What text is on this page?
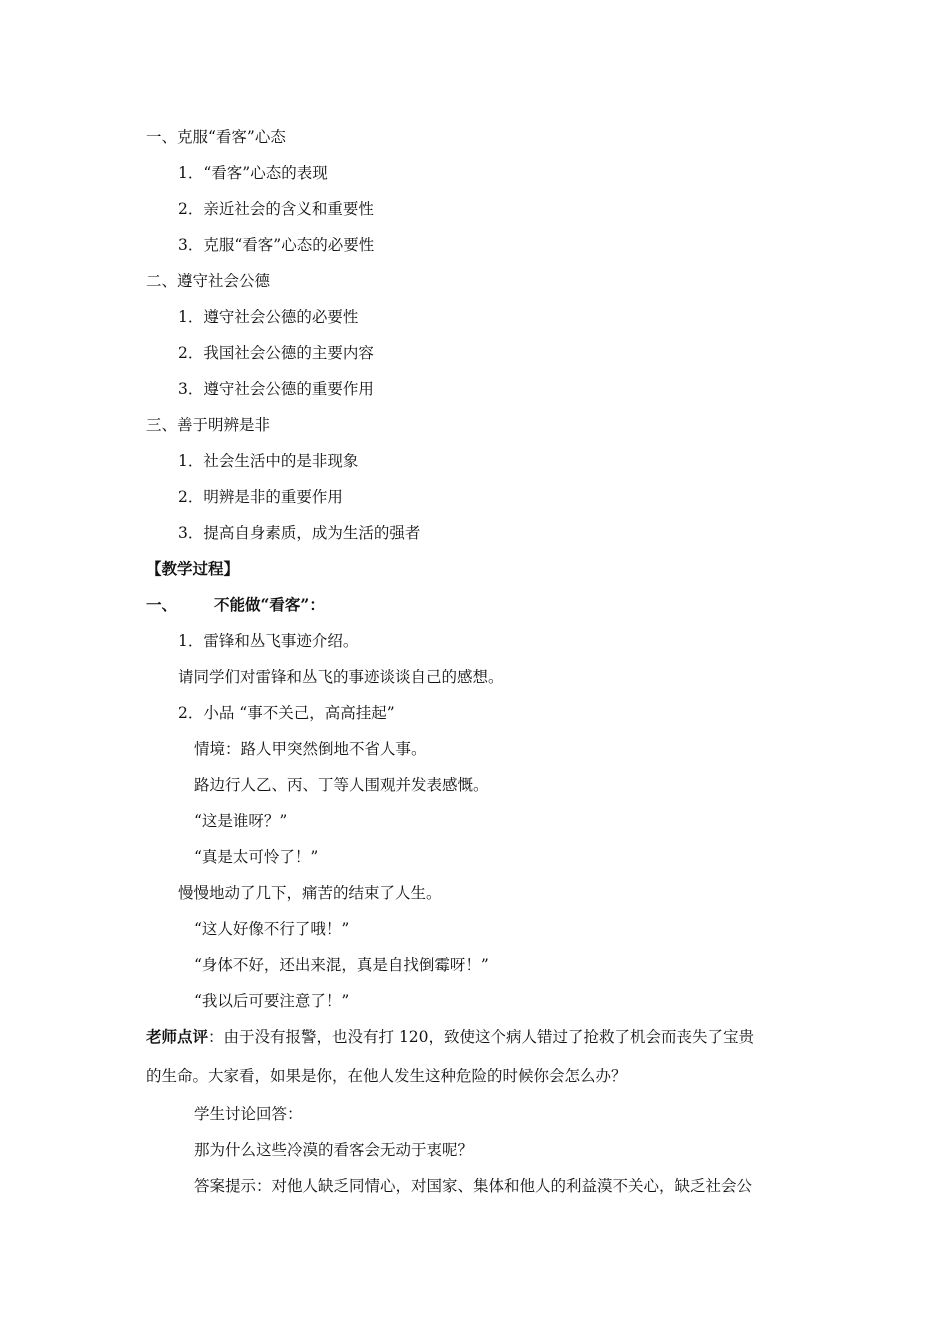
一、克服“看客”心态
1．“看客”心态的表现
2．亲近社会的含义和重要性
3．克服“看客”心态的必要性
二、遵守社会公德
1．遵守社会公德的必要性
2．我国社会公德的主要内容
3．遵守社会公德的重要作用
三、善于明辨是非
1．社会生活中的是非现象
2．明辨是非的重要作用
3．提高自身素质，成为生活的强者
【教学过程】
一、 不能做“看客”：
1．雷锋和丛飞事迹介绍。
请同学们对雷锋和丛飞的事迹谈谈自己的感想。
2．小品 “事不关己，高高挂起”
情境：路人甲突然倒地不省人事。
路边行人乙、丙、丁等人围观并发表感慨。
“这是谁呀？”
“真是太可怜了！”
慢慢地动了几下，痛苦的结束了人生。
“这人好像不行了哦！”
“身体不好，还出来混，真是自找倒霉呀！”
“我以后可要注意了！”
老师点评：由于没有报警，也没有打 120，致使这个病人错过了抢救了机会而丧失了宝贵
的生命。大家看，如果是你，在他人发生这种危险的时候你会怎么办？
学生讨论回答：
那为什么这些冷漠的看客会无动于衷呢？
答案提示：对他人缺乏同情心，对国家、集体和他人的利益漠不关心，缺乏社会公
